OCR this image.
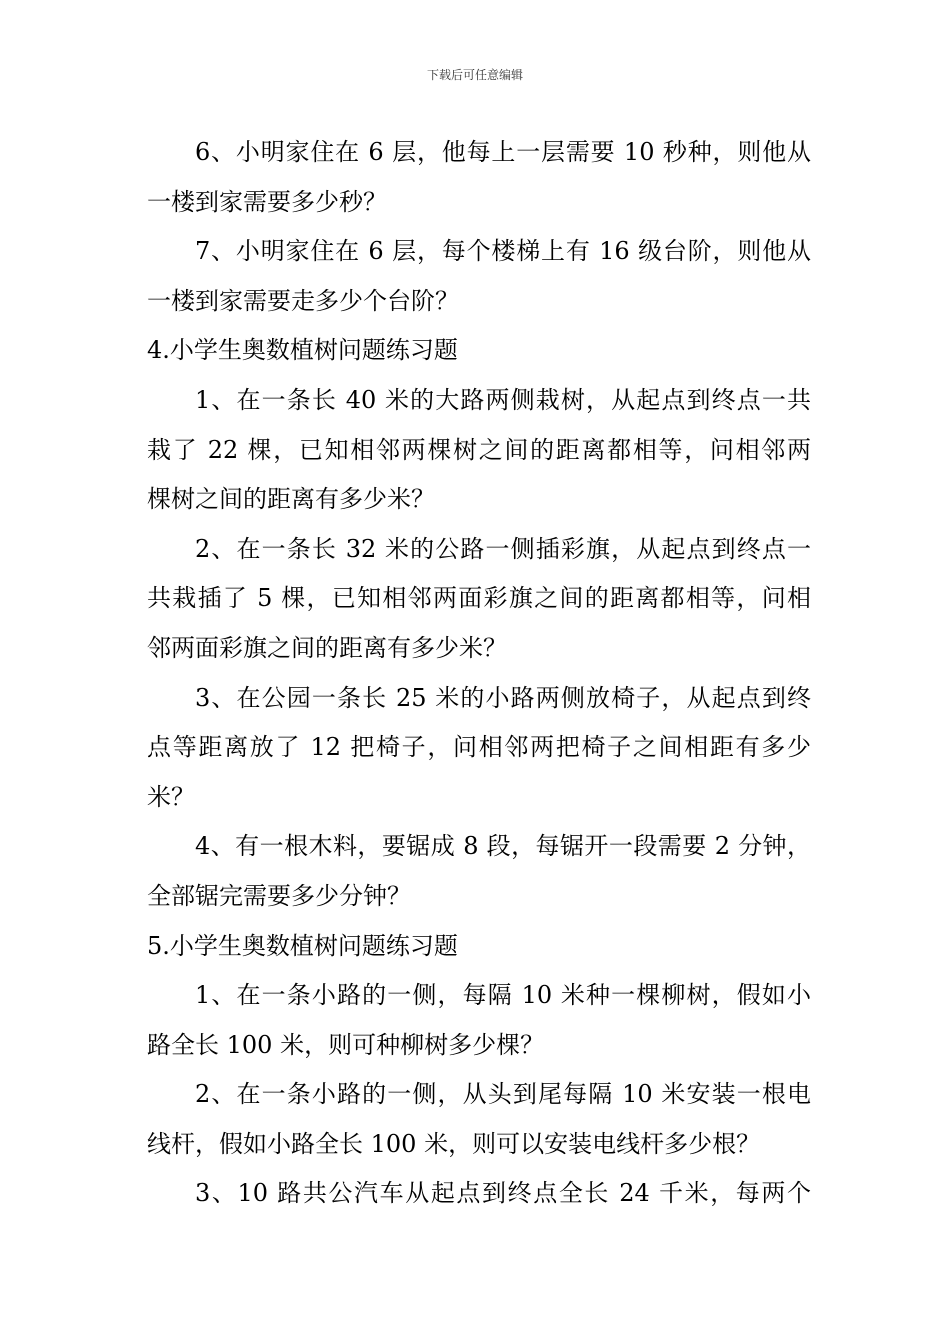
下载后可任意编辑
6、小明家住在 6 层，他每上一层需要 10 秒种，则他从
一楼到家需要多少秒？
7、小明家住在 6 层，每个楼梯上有 16 级台阶，则他从
一楼到家需要走多少个台阶？
4.小学生奥数植树问题练习题
1、在一条长 40 米的大路两侧栽树，从起点到终点一共
栽了 22 棵，已知相邻两棵树之间的距离都相等，问相邻两
棵树之间的距离有多少米？
2、在一条长 32 米的公路一侧插彩旗，从起点到终点一
共栽插了 5 棵，已知相邻两面彩旗之间的距离都相等，问相
邻两面彩旗之间的距离有多少米？
3、在公园一条长 25 米的小路两侧放椅子，从起点到终
点等距离放了 12 把椅子，问相邻两把椅子之间相距有多少
米？
4、有一根木料，要锯成 8 段，每锯开一段需要 2 分钟，
全部锯完需要多少分钟？
5.小学生奥数植树问题练习题
1、在一条小路的一侧，每隔 10 米种一棵柳树，假如小
路全长 100 米，则可种柳树多少棵？
2、在一条小路的一侧，从头到尾每隔 10 米安装一根电
线杆，假如小路全长 100 米，则可以安装电线杆多少根？
3、10 路共公汽车从起点到终点全长 24 千米，每两个
